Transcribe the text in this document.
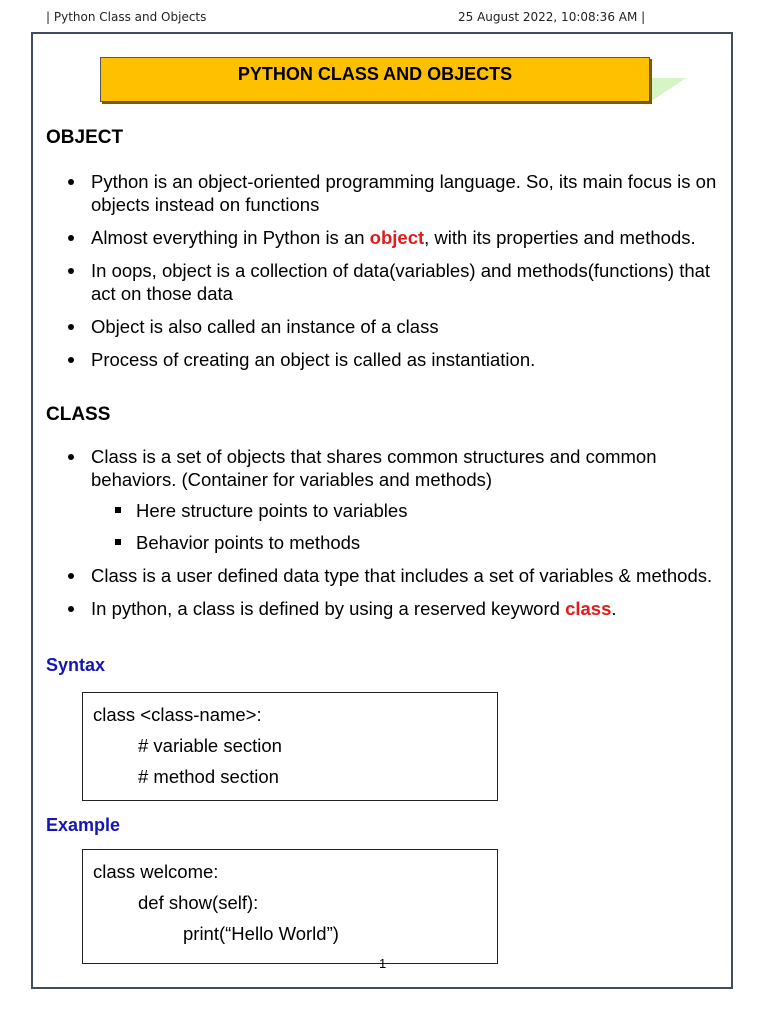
| Python Class and Objects	25 August 2022, 10:08:36 AM |
PYTHON CLASS AND OBJECTS
OBJECT
Python is an object-oriented programming language. So, its main focus is on objects instead on functions
Almost everything in Python is an object, with its properties and methods.
In oops, object is a collection of data(variables) and methods(functions) that act on those data
Object is also called an instance of a class
Process of creating an object is called as instantiation.
CLASS
Class is a set of objects that shares common structures and common behaviors. (Container for variables and methods)
Here structure points to variables
Behavior points to methods
Class is a user defined data type that includes a set of variables & methods.
In python, a class is defined by using a reserved keyword class.
Syntax
class <class-name>:
# variable section
# method section
Example
class welcome:
def show(self):
print(“Hello World”)
1
